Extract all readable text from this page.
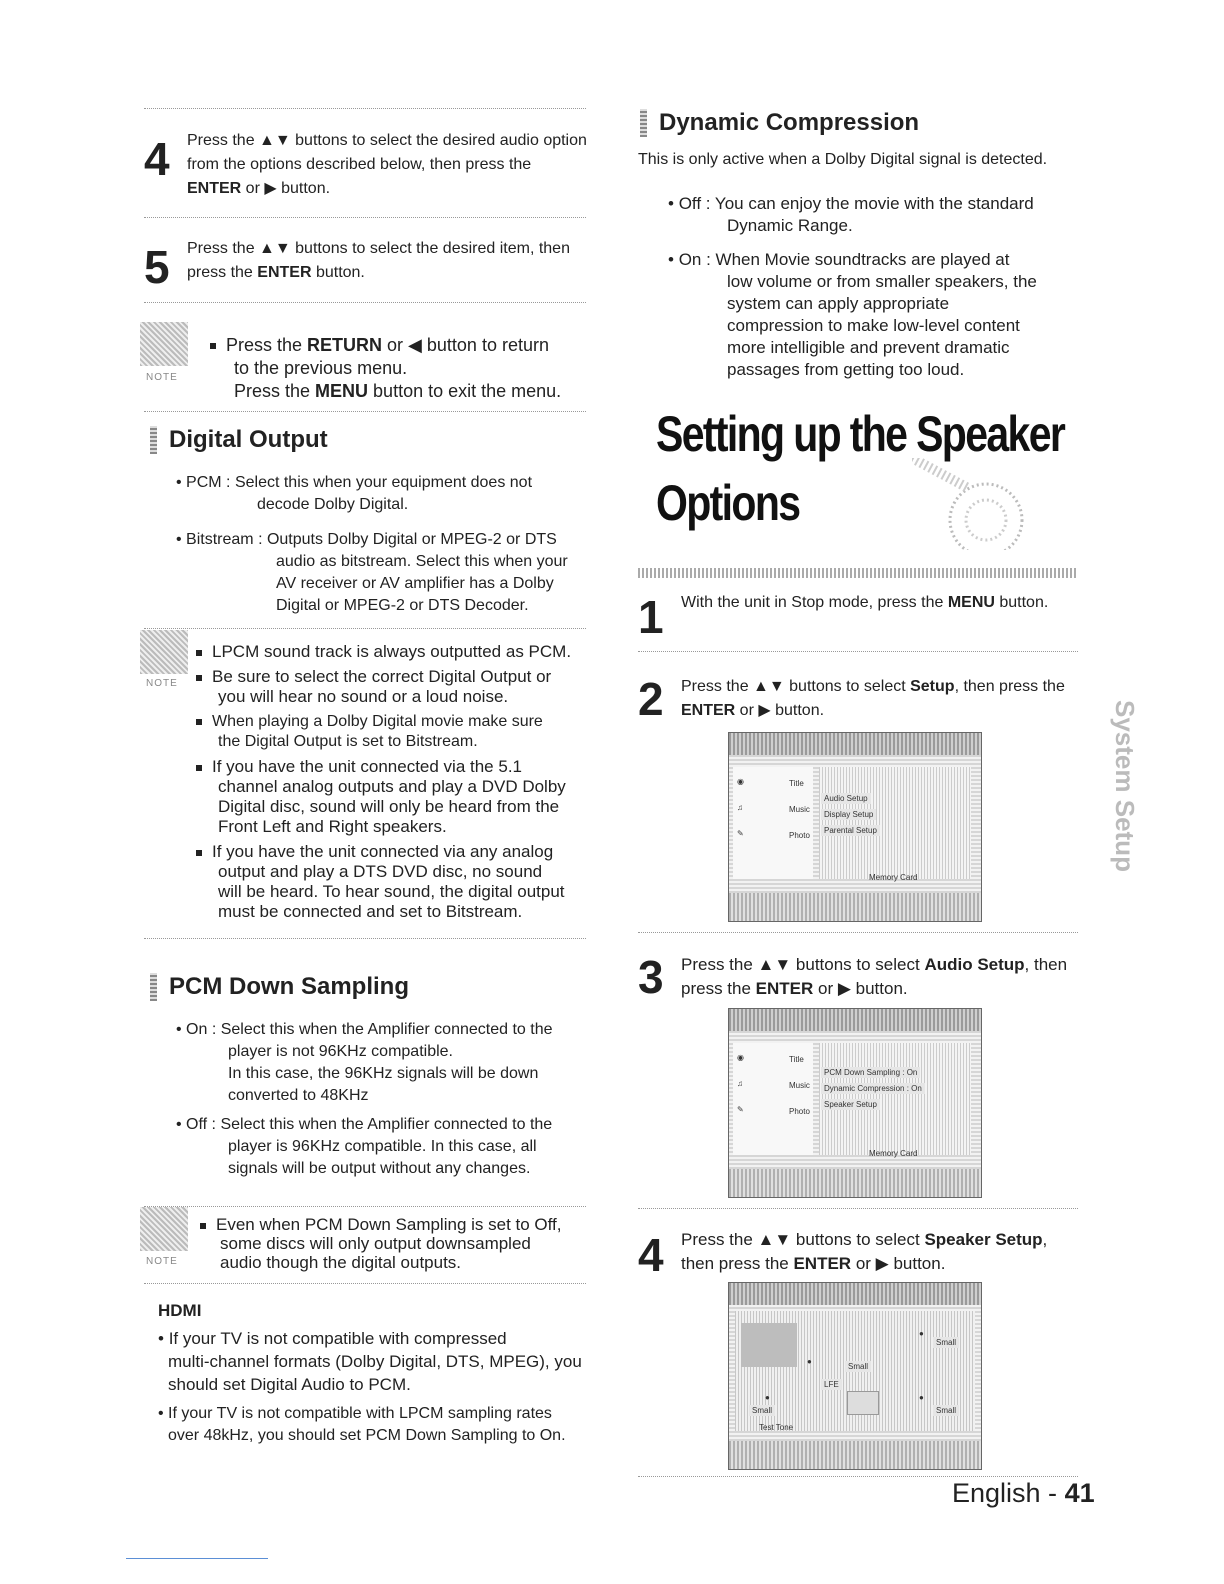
4 Press the ▲▼ buttons to select the desired audio option from the options described below, then press the ENTER or ▶ button.
5 Press the ▲▼ buttons to select the desired item, then press the ENTER button.
NOTE
Press the RETURN or ◀ button to return
to the previous menu.
Press the MENU button to exit the menu.
Digital Output
• PCM : Select this when your equipment does not
decode Dolby Digital.
• Bitstream : Outputs Dolby Digital or MPEG-2 or DTS
audio as bitstream. Select this when your
AV receiver or AV amplifier has a Dolby
Digital or MPEG-2 or DTS Decoder.
NOTE
LPCM sound track is always outputted as PCM.
Be sure to select the correct Digital Output or
you will hear no sound or a loud noise.
When playing a Dolby Digital movie make sure
the Digital Output is set to Bitstream.
If you have the unit connected via the 5.1
channel analog outputs and play a DVD Dolby
Digital disc, sound will only be heard from the
Front Left and Right speakers.
If you have the unit connected via any analog
output and play a DTS DVD disc, no sound
will be heard. To hear sound, the digital output
must be connected and set to Bitstream.
PCM Down Sampling
• On : Select this when the Amplifier connected to the
player is not 96KHz compatible.
In this case, the 96KHz signals will be down
converted to 48KHz
• Off : Select this when the Amplifier connected to the
player is 96KHz compatible. In this case, all
signals will be output without any changes.
NOTE
Even when PCM Down Sampling is set to Off,
some discs will only output downsampled
audio though the digital outputs.
HDMI
• If your TV is not compatible with compressed
multi-channel formats (Dolby Digital, DTS, MPEG), you
should set Digital Audio to PCM.
• If your TV is not compatible with LPCM sampling rates
over 48kHz, you should set PCM Down Sampling to On.
Dynamic Compression
This is only active when a Dolby Digital signal is detected.
• Off : You can enjoy the movie with the standard
Dynamic Range.
• On : When Movie soundtracks are played at
low volume or from smaller speakers, the
system can apply appropriate
compression to make low-level content
more intelligible and prevent dramatic
passages from getting too loud.
Setting up the Speaker
Options
1 With the unit in Stop mode, press the MENU button.
2 Press the ▲▼ buttons to select Setup, then press the ENTER or ▶ button.
◉	Title
♫	Music
✎	Photo
Audio Setup
Display Setup
Parental Setup
Memory Card
3 Press the ▲▼ buttons to select Audio Setup, then press the ENTER or ▶ button.
◉	Title
♫	Music
✎	Photo
PCM Down Sampling : On
Dynamic Compression : On
Speaker Setup
Memory Card
4 Press the ▲▼ buttons to select Speaker Setup, then press the ENTER or ▶ button.
●
Small
LFE
●
Small
●
Small
●
Small
Test Tone
English - 41
System Setup
